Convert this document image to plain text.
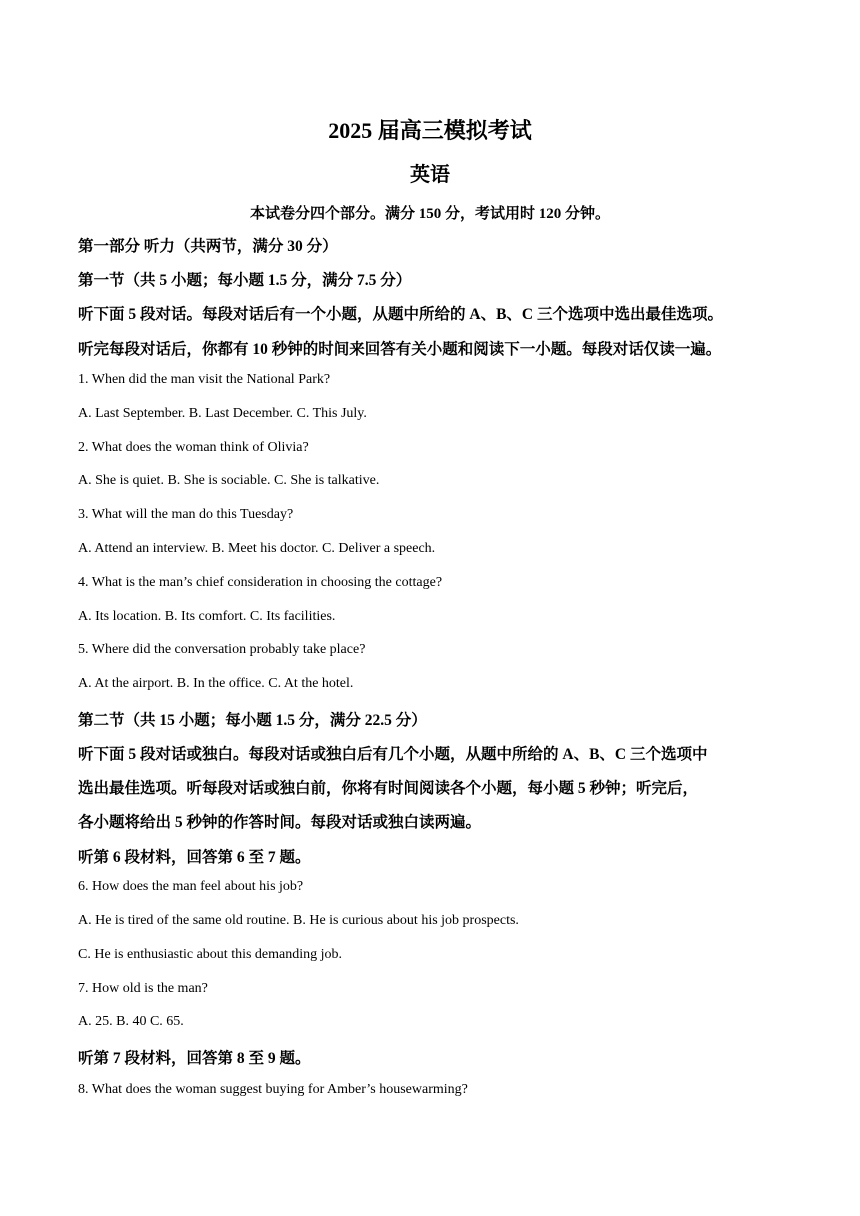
2025 届高三模拟考试
英语
本试卷分四个部分。满分 150 分，考试用时 120 分钟。
第一部分 听力（共两节，满分 30 分）
第一节（共 5 小题；每小题 1.5 分，满分 7.5 分）
听下面 5 段对话。每段对话后有一个小题，从题中所给的 A、B、C 三个选项中选出最佳选项。
听完每段对话后，你都有 10 秒钟的时间来回答有关小题和阅读下一小题。每段对话仅读一遍。
1. When did the man visit the National Park?
A. Last September. B. Last December. C. This July.
2. What does the woman think of Olivia?
A. She is quiet. B. She is sociable. C. She is talkative.
3. What will the man do this Tuesday?
A. Attend an interview. B. Meet his doctor. C. Deliver a speech.
4. What is the man’s chief consideration in choosing the cottage?
A. Its location. B. Its comfort. C. Its facilities.
5. Where did the conversation probably take place?
A. At the airport. B. In the office. C. At the hotel.
第二节（共 15 小题；每小题 1.5 分，满分 22.5 分）
听下面 5 段对话或独白。每段对话或独白后有几个小题，从题中所给的 A、B、C 三个选项中
选出最佳选项。听每段对话或独白前，你将有时间阅读各个小题，每小题 5 秒钟；听完后，
各小题将给出 5 秒钟的作答时间。每段对话或独白读两遍。
听第 6 段材料，回答第 6 至 7 题。
6. How does the man feel about his job?
A. He is tired of the same old routine. B. He is curious about his job prospects.
C. He is enthusiastic about this demanding job.
7. How old is the man?
A. 25. B. 40 C. 65.
听第 7 段材料，回答第 8 至 9 题。
8. What does the woman suggest buying for Amber’s housewarming?
